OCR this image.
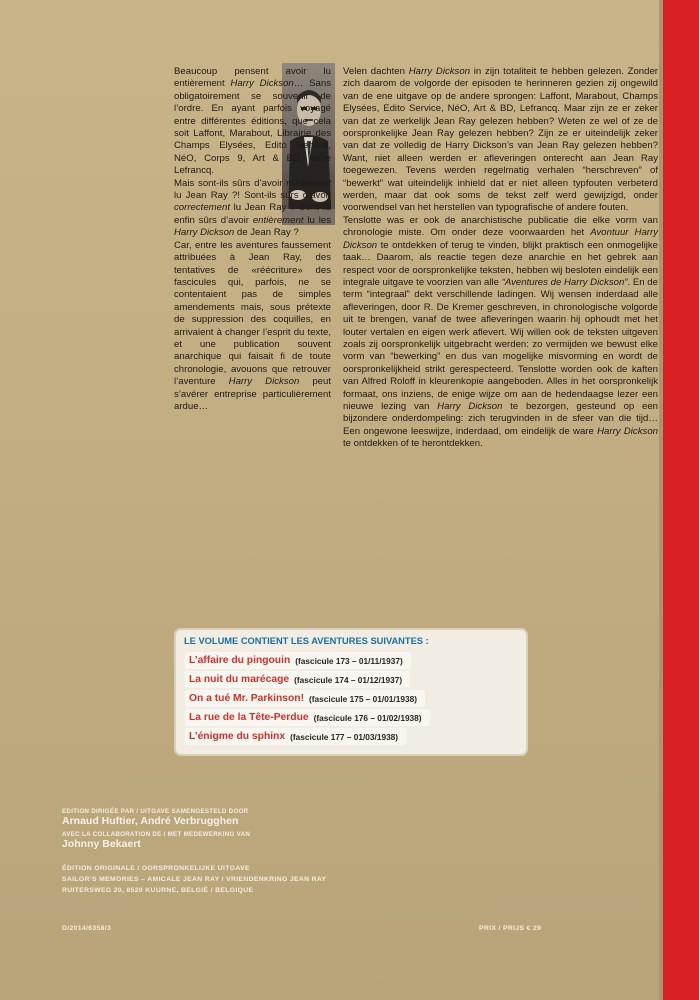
Beaucoup pensent avoir lu entièrement Harry Dickson… Sans obligatoirement se souvenir de l’ordre. En ayant parfois voyagé entre différentes éditions, que cela soit Laffont, Marabout, Librairie des Champs Elysées, Edito Service, NéO, Corps 9, Art & BD, voire Lefrancq.

Mais sont-ils sûrs d’avoir réellement lu Jean Ray ?! Sont-ils sûrs d’avoir correctement lu Jean Ray ? Sont-ils enfin sûrs d’avoir entièrement lu les Harry Dickson de Jean Ray ?

Car, entre les aventures faussement attribuées à Jean Ray, des tentatives de «réécriture» des fascicules qui, parfois, ne se contentaient pas de simples amendements mais, sous prétexte de suppression des coquilles, en arrivaient à changer l’esprit du texte, et une publication souvent anarchique qui faisait fi de toute chronologie, avouons que retrouver l’aventure Harry Dickson peut s’avérer entreprise particulièrement ardue…

Velen dachten Harry Dickson in zijn totaliteit te hebben gelezen. Zonder zich daarom de volgorde der episoden te herinneren gezien zij ongewild van de ene uitgave op de andere sprongen: Laffont, Marabout, Champs Elysées, Edito Service, NéO, Art & BD, Lefrancq. Maar zijn ze er zeker van dat ze werkelijk Jean Ray gelezen hebben? Weten ze wel of ze de oorspronkelijke Jean Ray gelezen hebben? Zijn ze er uiteindelijk zeker van dat ze volledig de Harry Dickson’s van Jean Ray gelezen hebben? Want, niet alleen werden er afleveringen onterecht aan Jean Ray toegewezen. Tevens werden regelmatig verhalen “herschreven” of “bewerkt” wat uiteindelijk inhield dat er niet alleen typfouten verbeterd werden, maar dat ook soms de tekst zelf werd gewijzigd, onder voorwendsel van het herstellen van typografische of andere fouten.

Tenslotte was er ook de anarchistische publicatie die elke vorm van chronologie miste. Om onder deze voorwaarden het Avontuur Harry Dickson te ontdekken of terug te vinden, blijkt praktisch een onmogelijke taak… Daarom, als reactie tegen deze anarchie en het gebrek aan respect voor de oorspronkelijke teksten, hebben wij besloten eindelijk een integrale uitgave te voorzien van alle “Aventures de Harry Dickson”. En de term “integraal” dekt verschillende ladingen. Wij wensen inderdaad alle afleveringen, door R. De Kremer geschreven, in chronologische volgorde uit te brengen, vanaf de twee afleveringen waarin hij ophoudt met het louter vertalen en eigen werk aflevert. Wij willen ook de teksten uitgeven zoals zij oorspronkelijk uitgebracht werden: zo vermijden we bewust elke vorm van “bewerking” en dus van mogelijke misvorming en wordt de oorspronkelijkheid strikt gerespecteerd. Tenslotte worden ook de kaften van Alfred Roloff in kleurenkopie aangeboden. Alles in het oorspronkelijk formaat, ons inziens, de enige wijze om aan de hedendaagse lezer een nieuwe lezing van Harry Dickson te bezorgen, gesteund op een bijzondere onderdompeling: zich terugvinden in de sfeer van die tijd… Een ongewone leeswijze, inderdaad, om eindelijk de ware Harry Dickson te ontdekken of te herontdekken.

LE VOLUME CONTIENT LES AVENTURES SUIVANTES :
L’affaire du pingouin (fascicule 173 – 01/11/1937)
La nuit du marécage (fascicule 174 – 01/12/1937)
On a tué Mr. Parkinson! (fascicule 175 – 01/01/1938)
La rue de la Tête-Perdue (fascicule 176 – 01/02/1938)
L’énigme du sphinx (fascicule 177 – 01/03/1938)
EDITION DIRIGÉE PAR / UITGAVE SAMENGESTELD DOOR
Arnaud Huftier, André Verbrugghen
AVEC LA COLLABORATION DE / MET MEDEWERKING VAN
Johnny Bekaert
ÉDITION ORIGINALE / OORSPRONKELIJKE UITGAVE
SAILOR’S MEMORIES – AMICALE JEAN RAY / VRIENDENKRING JEAN RAY
RUITERSWEG 20, 8520 KUURNE, BELGIË / BELGIQUE
D/2014/6358/3	PRIX / PRIJS € 29
